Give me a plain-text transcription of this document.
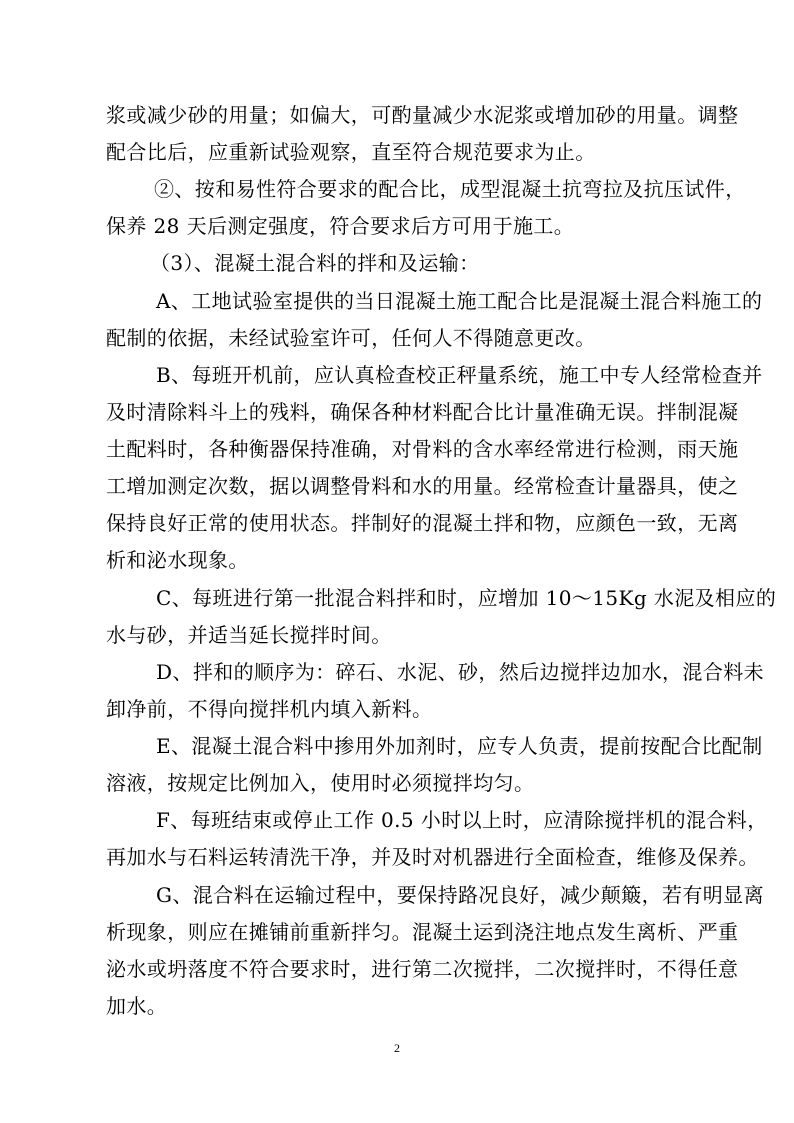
浆或减少砂的用量；如偏大，可酌量减少水泥浆或增加砂的用量。调整
配合比后，应重新试验观察，直至符合规范要求为止。
②、按和易性符合要求的配合比，成型混凝土抗弯拉及抗压试件，
保养 28 天后测定强度，符合要求后方可用于施工。
（3）、混凝土混合料的拌和及运输：
A、工地试验室提供的当日混凝土施工配合比是混凝土混合料施工的
配制的依据，未经试验室许可，任何人不得随意更改。
B、每班开机前，应认真检查校正秤量系统，施工中专人经常检查并
及时清除料斗上的残料，确保各种材料配合比计量准确无误。拌制混凝
土配料时，各种衡器保持准确，对骨料的含水率经常进行检测，雨天施
工增加测定次数，据以调整骨料和水的用量。经常检查计量器具，使之
保持良好正常的使用状态。拌制好的混凝土拌和物，应颜色一致，无离
析和泌水现象。
C、每班进行第一批混合料拌和时，应增加 10～15Kg 水泥及相应的
水与砂，并适当延长搅拌时间。
D、拌和的顺序为：碎石、水泥、砂，然后边搅拌边加水，混合料未
卸净前，不得向搅拌机内填入新料。
E、混凝土混合料中掺用外加剂时，应专人负责，提前按配合比配制
溶液，按规定比例加入，使用时必须搅拌均匀。
F、每班结束或停止工作 0.5 小时以上时，应清除搅拌机的混合料，
再加水与石料运转清洗干净，并及时对机器进行全面检查，维修及保养。
G、混合料在运输过程中，要保持路况良好，减少颠簸，若有明显离
析现象，则应在摊铺前重新拌匀。混凝土运到浇注地点发生离析、严重
泌水或坍落度不符合要求时，进行第二次搅拌，二次搅拌时，不得任意
加水。
2
